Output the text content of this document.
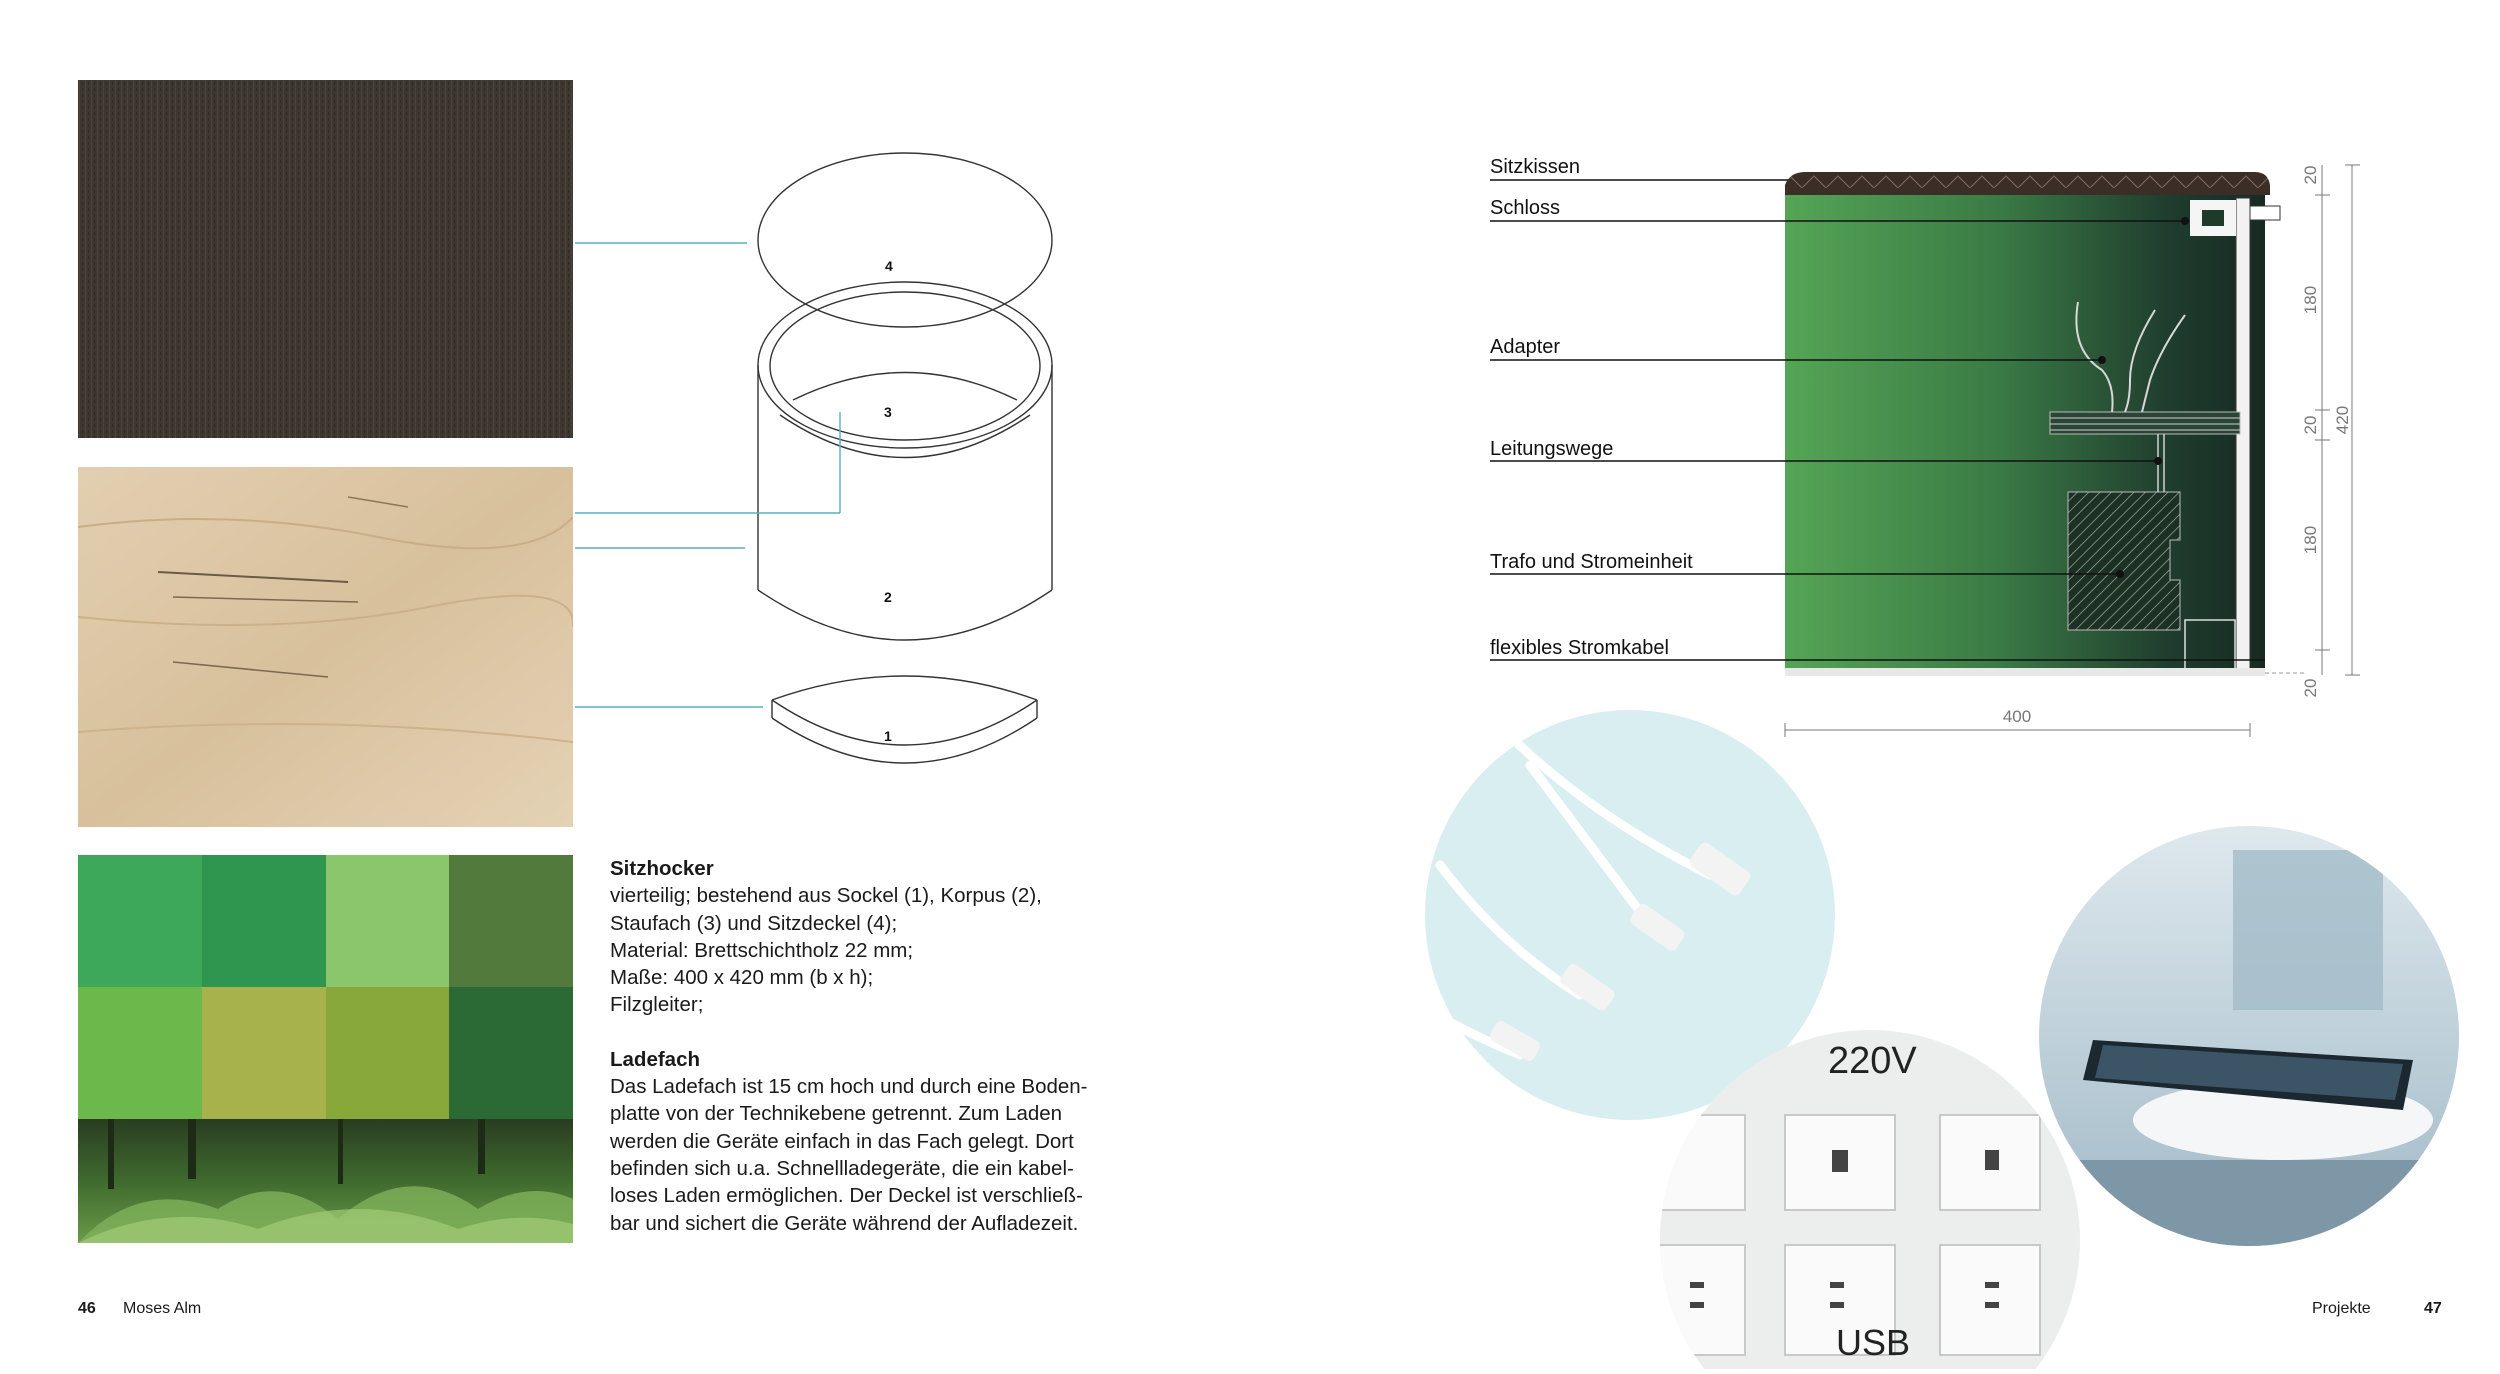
4
3
2
1

Sitzhocker
vierteilig; bestehend aus Sockel (1), Korpus (2),
Staufach (3) und Sitzdeckel (4);
Material: Brettschichtholz 22 mm;
Maße: 400 x 420 mm (b x h);
Filzgleiter;

Ladefach
Das Ladefach ist 15 cm hoch und durch eine Boden-
platte von der Technikebene getrennt. Zum Laden
werden die Geräte einfach in das Fach gelegt. Dort
befinden sich u.a. Schnellladegeräte, die ein kabel-
loses Laden ermöglichen. Der Deckel ist verschließ-
bar und sichert die Geräte während der Aufladezeit.

46 Moses Alm
20
180
20
180
20
420
400
Sitzkissen
Schloss
Adapter
Leitungswege
Trafo und Stromeinheit
flexibles Stromkabel
220V
USB
Projekte	47
